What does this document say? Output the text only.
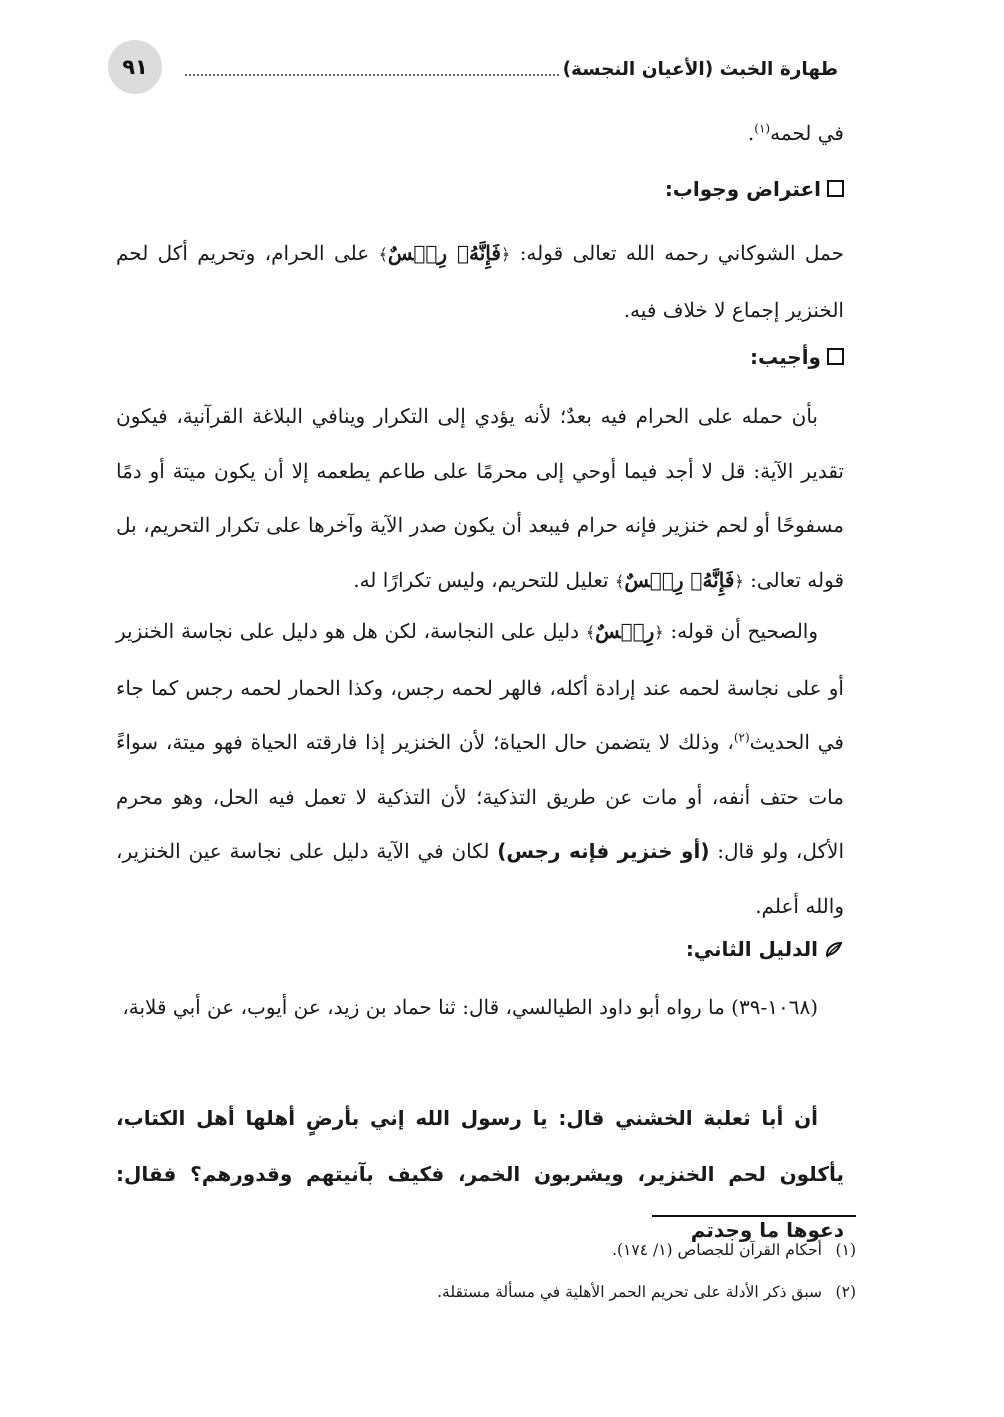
٩١	طهارة الخبث (الأعيان النجسة)

في لحمه$^{(١)}$.

اعتراض وجواب:

حمل الشوكاني رحمه الله تعالى قوله: ﴿فَإِنَّهُۥ رِجۡسٌ﴾ على الحرام، وتحريم أكل لحم الخنزير إجماع لا خلاف فيه.

وأجيب:

بأن حمله على الحرام فيه بعدٌ؛ لأنه يؤدي إلى التكرار وينافي البلاغة القرآنية، فيكون تقدير الآية: قل لا أجد فيما أوحي إلى محرمًا على طاعم يطعمه إلا أن يكون ميتة أو دمًا مسفوحًا أو لحم خنزير فإنه حرام فيبعد أن يكون صدر الآية وآخرها على تكرار التحريم، بل قوله تعالى: ﴿فَإِنَّهُۥ رِجۡسٌ﴾ تعليل للتحريم، وليس تكرارًا له.

والصحيح أن قوله: ﴿رِجۡسٌ﴾ دليل على النجاسة، لكن هل هو دليل على نجاسة الخنزير أو على نجاسة لحمه عند إرادة أكله، فالهر لحمه رجس، وكذا الحمار لحمه رجس كما جاء في الحديث$^{(٢)}$، وذلك لا يتضمن حال الحياة؛ لأن الخنزير إذا فارقته الحياة فهو ميتة، سواءً مات حتف أنفه، أو مات عن طريق التذكية؛ لأن التذكية لا تعمل فيه الحل، وهو محرم الأكل، ولو قال: (أو خنزير فإنه رجس) لكان في الآية دليل على نجاسة عين الخنزير، والله أعلم.

الدليل الثاني:

(١٠٦٨-٣٩) ما رواه أبو داود الطيالسي، قال: ثنا حماد بن زيد، عن أيوب، عن أبي قلابة،

أن أبا ثعلبة الخشني قال: يا رسول الله إني بأرضٍ أهلها أهل الكتاب، يأكلون لحم الخنزير، ويشربون الخمر، فكيف بآنيتهم وقدورهم؟ فقال: دعوها ما وجدتم

(١)أحكام القرآن للجصاص (١/ ١٧٤).
(٢)سبق ذكر الأدلة على تحريم الحمر الأهلية في مسألة مستقلة.
